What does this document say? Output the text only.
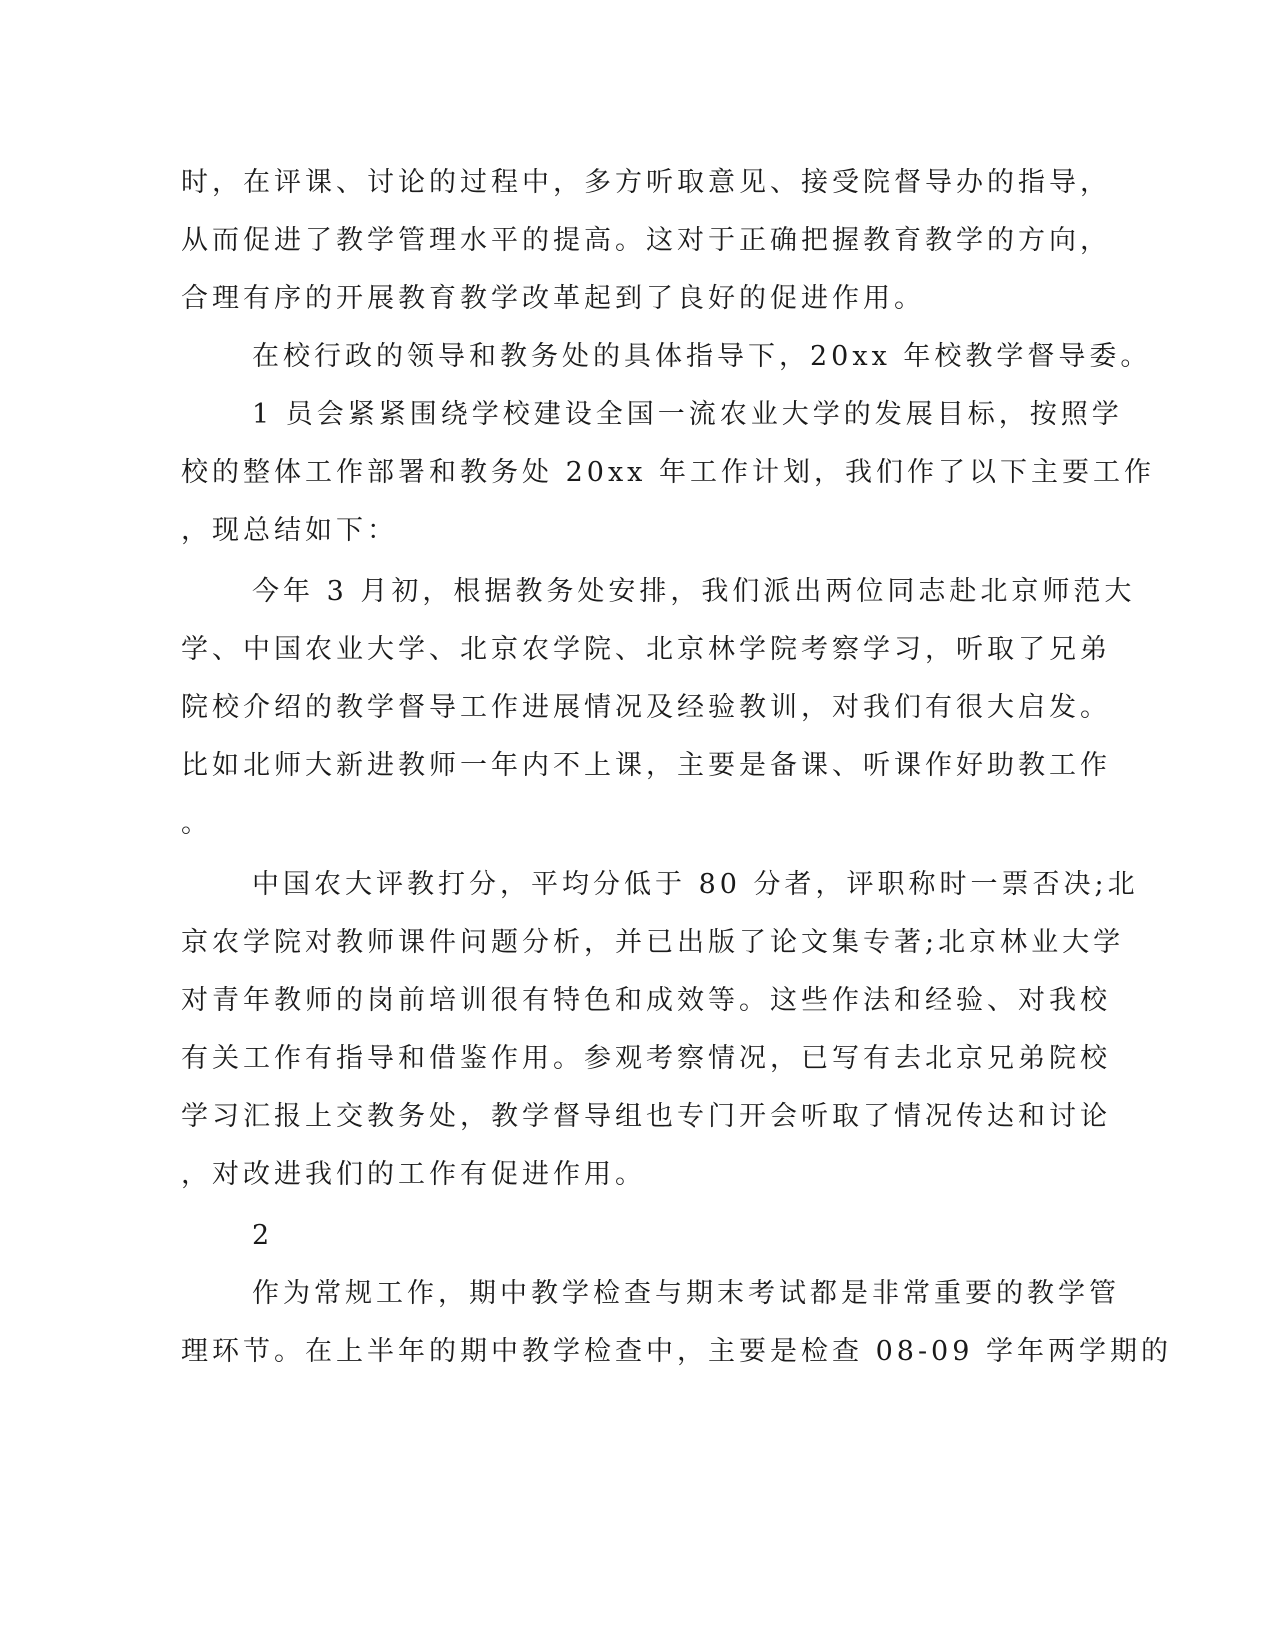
时，在评课、讨论的过程中，多方听取意见、接受院督导办的指导，
从而促进了教学管理水平的提高。这对于正确把握教育教学的方向，
合理有序的开展教育教学改革起到了良好的促进作用。
在校行政的领导和教务处的具体指导下，20xx 年校教学督导委。
1 员会紧紧围绕学校建设全国一流农业大学的发展目标，按照学
校的整体工作部署和教务处 20xx 年工作计划，我们作了以下主要工作
，现总结如下：
今年 3 月初，根据教务处安排，我们派出两位同志赴北京师范大
学、中国农业大学、北京农学院、北京林学院考察学习，听取了兄弟
院校介绍的教学督导工作进展情况及经验教训，对我们有很大启发。
比如北师大新进教师一年内不上课，主要是备课、听课作好助教工作
。
中国农大评教打分，平均分低于 80 分者，评职称时一票否决;北
京农学院对教师课件问题分析，并已出版了论文集专著;北京林业大学
对青年教师的岗前培训很有特色和成效等。这些作法和经验、对我校
有关工作有指导和借鉴作用。参观考察情况，已写有去北京兄弟院校
学习汇报上交教务处，教学督导组也专门开会听取了情况传达和讨论
，对改进我们的工作有促进作用。
2
作为常规工作，期中教学检查与期末考试都是非常重要的教学管
理环节。在上半年的期中教学检查中，主要是检查 08-09 学年两学期的
